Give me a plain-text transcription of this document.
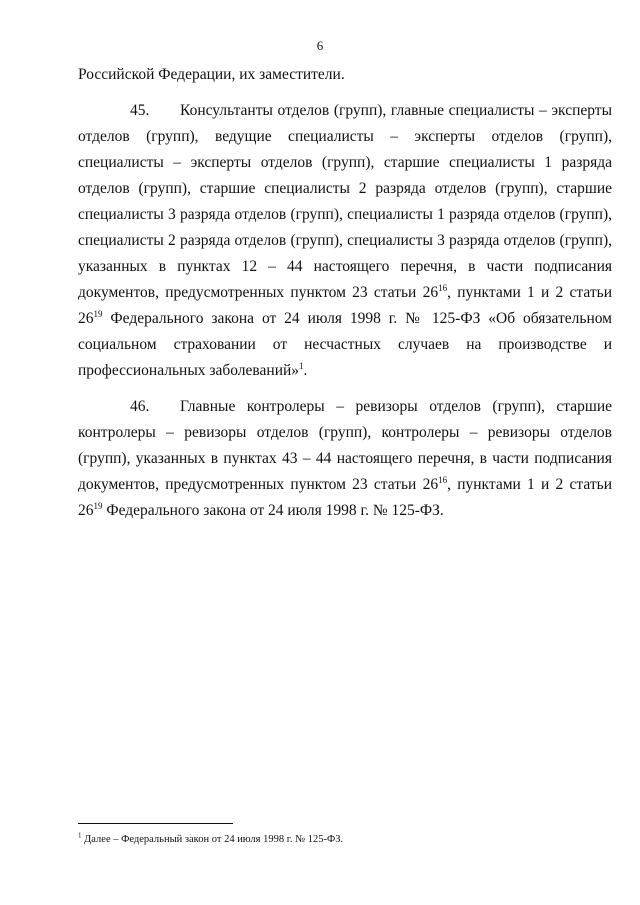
6

Российской Федерации, их заместители.

45. Консультанты отделов (групп), главные специалисты – эксперты отделов (групп), ведущие специалисты – эксперты отделов (групп), специалисты – эксперты отделов (групп), старшие специалисты 1 разряда отделов (групп), старшие специалисты 2 разряда отделов (групп), старшие специалисты 3 разряда отделов (групп), специалисты 1 разряда отделов (групп), специалисты 2 разряда отделов (групп), специалисты 3 разряда отделов (групп), указанных в пунктах 12 – 44 настоящего перечня, в части подписания документов, предусмотренных пунктом 23 статьи $26^{16}$, пунктами 1 и 2 статьи $26^{19}$ Федерального закона от 24 июля 1998 г. № 125-ФЗ «Об обязательном социальном страховании от несчастных случаев на производстве и профессиональных заболеваний»$^1$.

46. Главные контролеры – ревизоры отделов (групп), старшие контролеры – ревизоры отделов (групп), контролеры – ревизоры отделов (групп), указанных в пунктах 43 – 44 настоящего перечня, в части подписания документов, предусмотренных пунктом 23 статьи $26^{16}$, пунктами 1 и 2 статьи $26^{19}$ Федерального закона от 24 июля 1998 г. № 125-ФЗ.

$^1$ Далее – Федеральный закон от 24 июля 1998 г. № 125-ФЗ.
